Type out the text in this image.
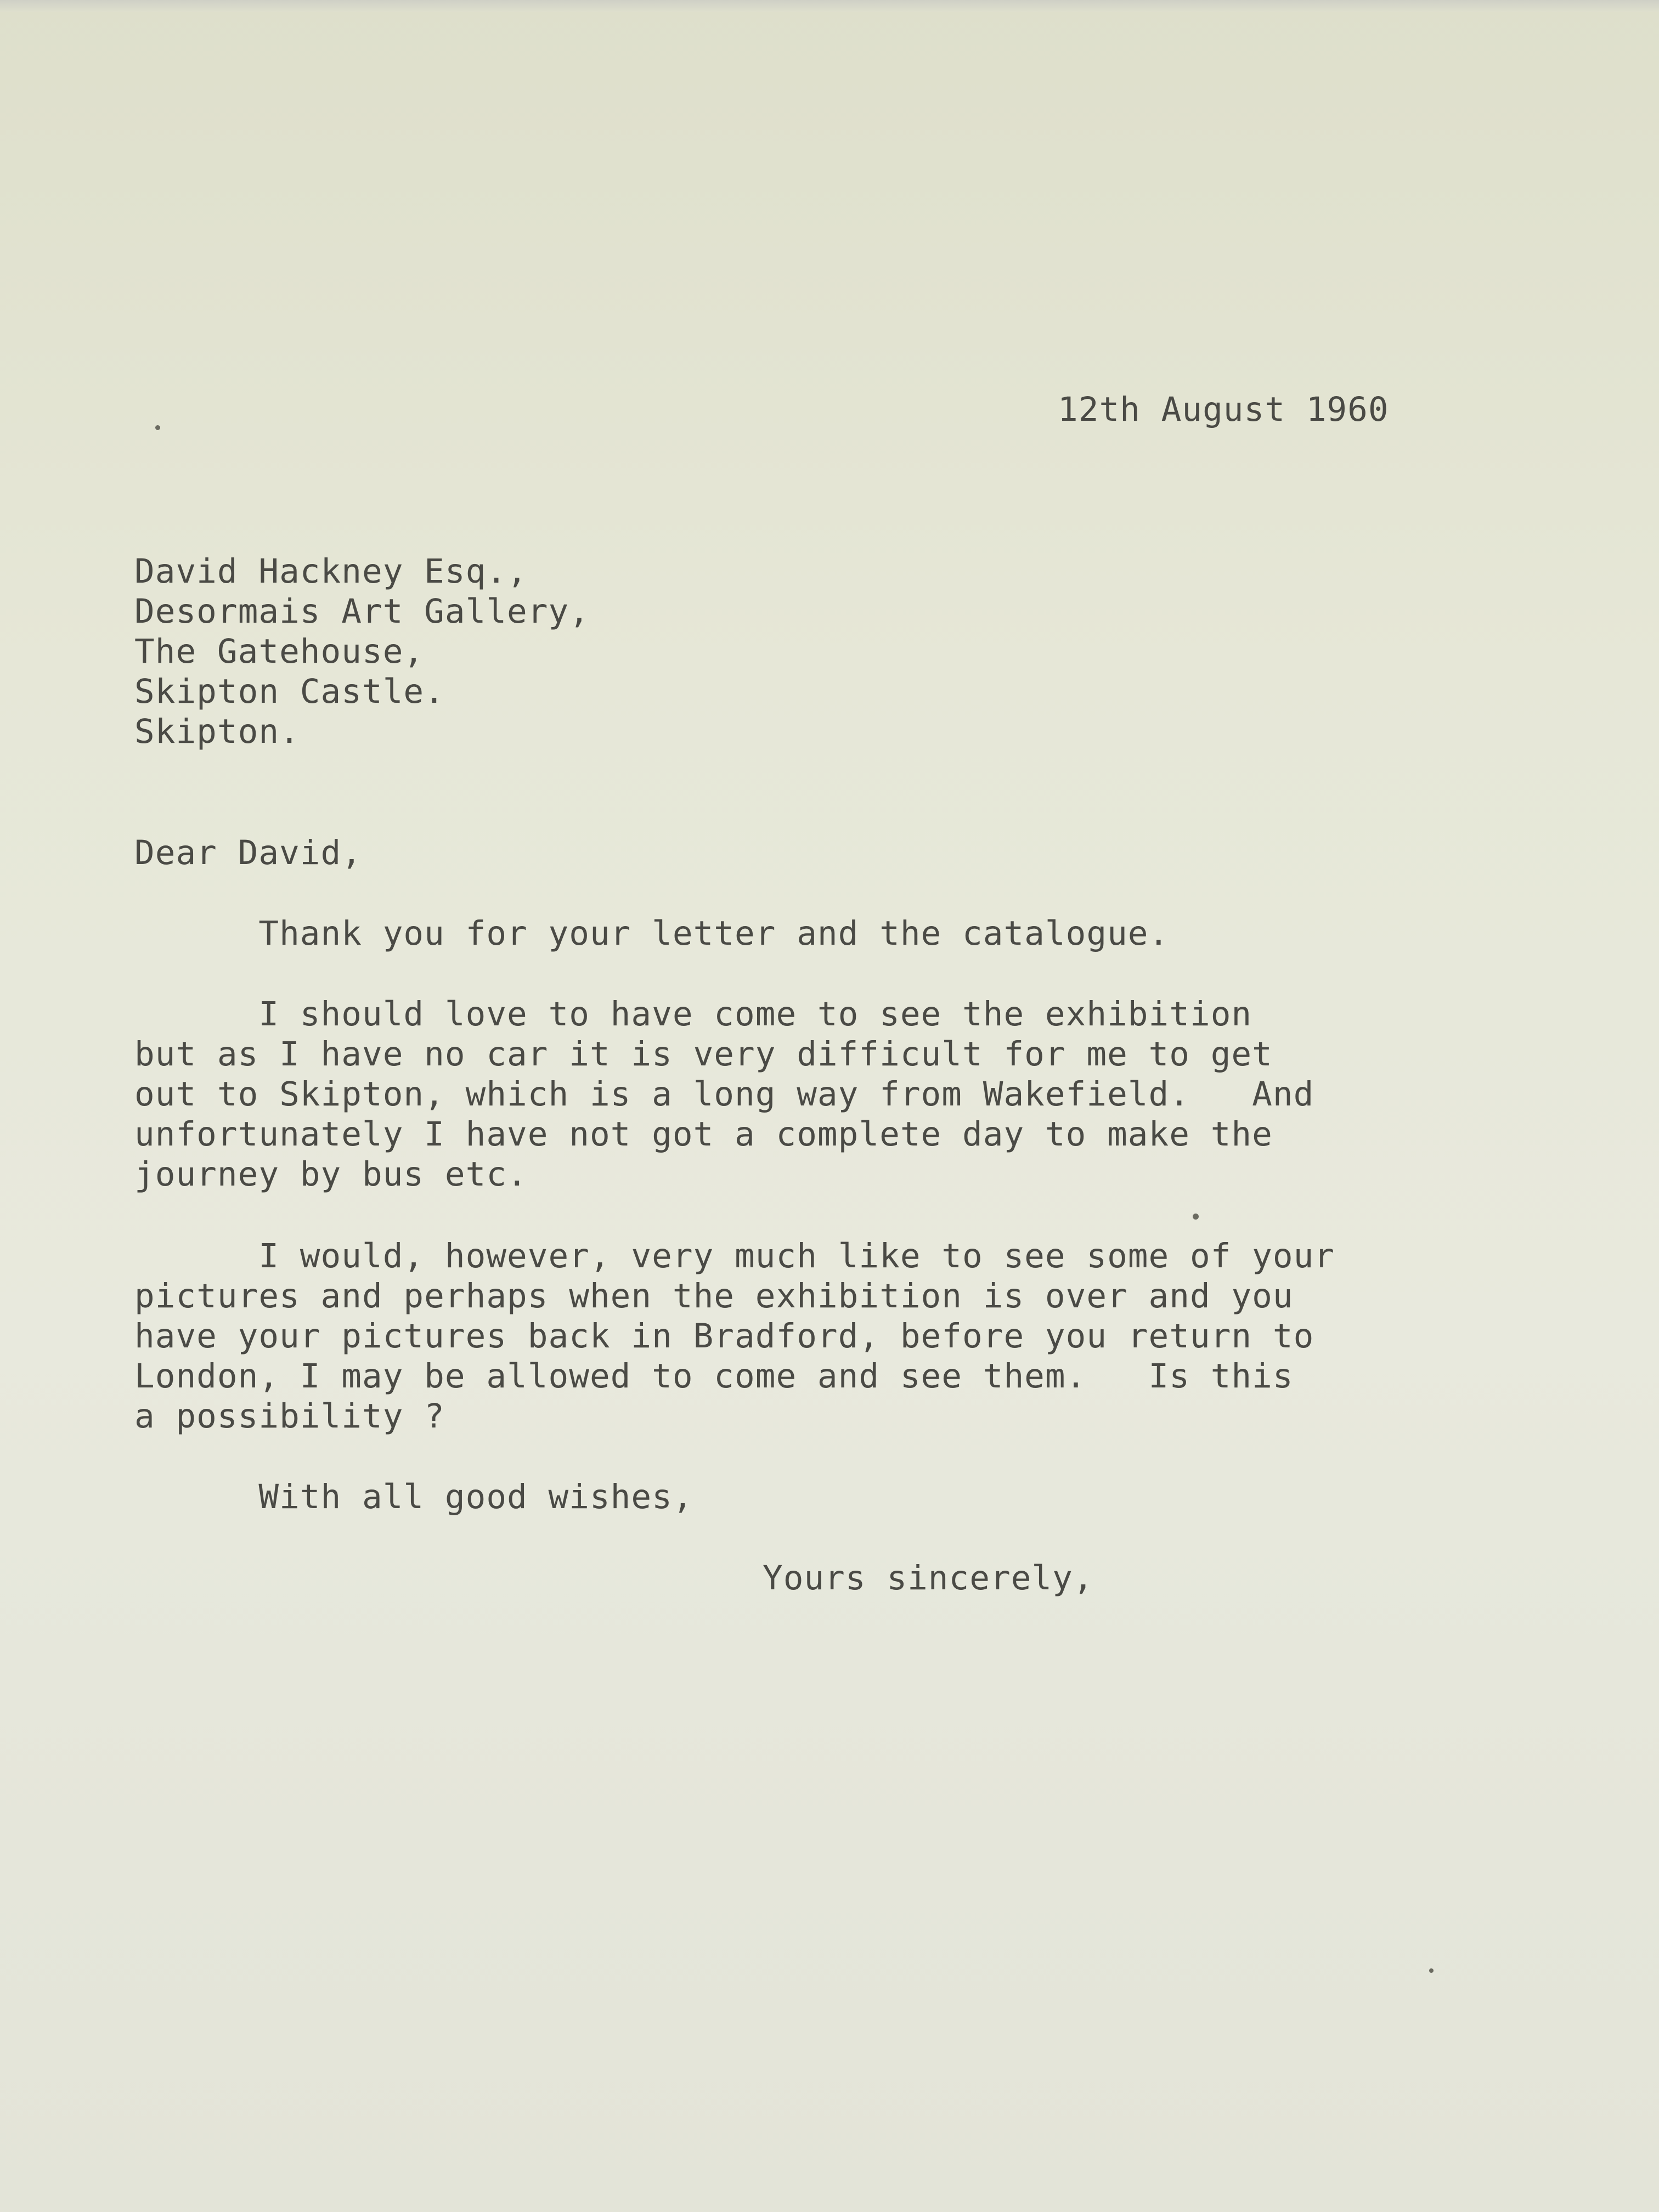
12th August 1960

David Hackney Esq.,
Desormais Art Gallery,
The Gatehouse,
Skipton Castle.
Skipton.

Dear David,

Thank you for your letter and the catalogue.

I should love to have come to see the exhibition
but as I have no car it is very difficult for me to get
out to Skipton, which is a long way from Wakefield.   And
unfortunately I have not got a complete day to make the
journey by bus etc.

I would, however, very much like to see some of your
pictures and perhaps when the exhibition is over and you
have your pictures back in Bradford, before you return to
London, I may be allowed to come and see them.   Is this
a possibility ?

With all good wishes,

Yours sincerely,
